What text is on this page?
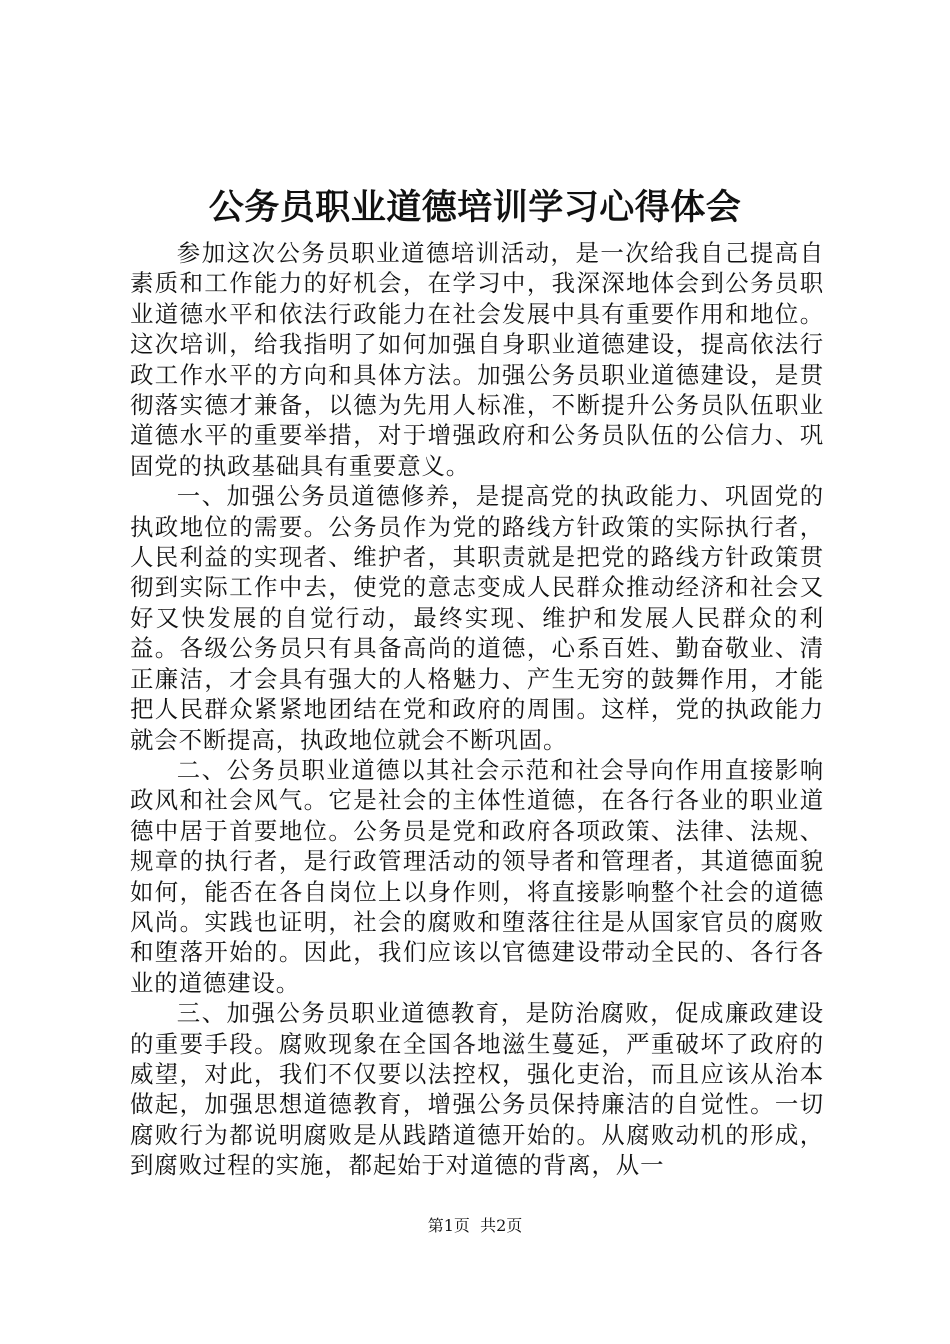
公务员职业道德培训学习心得体会

参加这次公务员职业道德培训活动，是一次给我自己提高自素质和工作能力的好机会，在学习中，我深深地体会到公务员职业道德水平和依法行政能力在社会发展中具有重要作用和地位。这次培训，给我指明了如何加强自身职业道德建设，提高依法行政工作水平的方向和具体方法。加强公务员职业道德建设，是贯彻落实德才兼备，以德为先用人标准，不断提升公务员队伍职业道德水平的重要举措，对于增强政府和公务员队伍的公信力、巩固党的执政基础具有重要意义。

一、加强公务员道德修养，是提高党的执政能力、巩固党的执政地位的需要。公务员作为党的路线方针政策的实际执行者，人民利益的实现者、维护者，其职责就是把党的路线方针政策贯彻到实际工作中去，使党的意志变成人民群众推动经济和社会又好又快发展的自觉行动，最终实现、维护和发展人民群众的利益。各级公务员只有具备高尚的道德，心系百姓、勤奋敬业、清正廉洁，才会具有强大的人格魅力、产生无穷的鼓舞作用，才能把人民群众紧紧地团结在党和政府的周围。这样，党的执政能力就会不断提高，执政地位就会不断巩固。

二、公务员职业道德以其社会示范和社会导向作用直接影响政风和社会风气。它是社会的主体性道德，在各行各业的职业道德中居于首要地位。公务员是党和政府各项政策、法律、法规、规章的执行者，是行政管理活动的领导者和管理者，其道德面貌如何，能否在各自岗位上以身作则，将直接影响整个社会的道德风尚。实践也证明，社会的腐败和堕落往往是从国家官员的腐败和堕落开始的。因此，我们应该以官德建设带动全民的、各行各业的道德建设。

三、加强公务员职业道德教育，是防治腐败，促成廉政建设的重要手段。腐败现象在全国各地滋生蔓延，严重破坏了政府的威望，对此，我们不仅要以法控权，强化吏治，而且应该从治本做起，加强思想道德教育，增强公务员保持廉洁的自觉性。一切腐败行为都说明腐败是从践踏道德开始的。从腐败动机的形成，到腐败过程的实施，都起始于对道德的背离，从一

第1页 共2页
